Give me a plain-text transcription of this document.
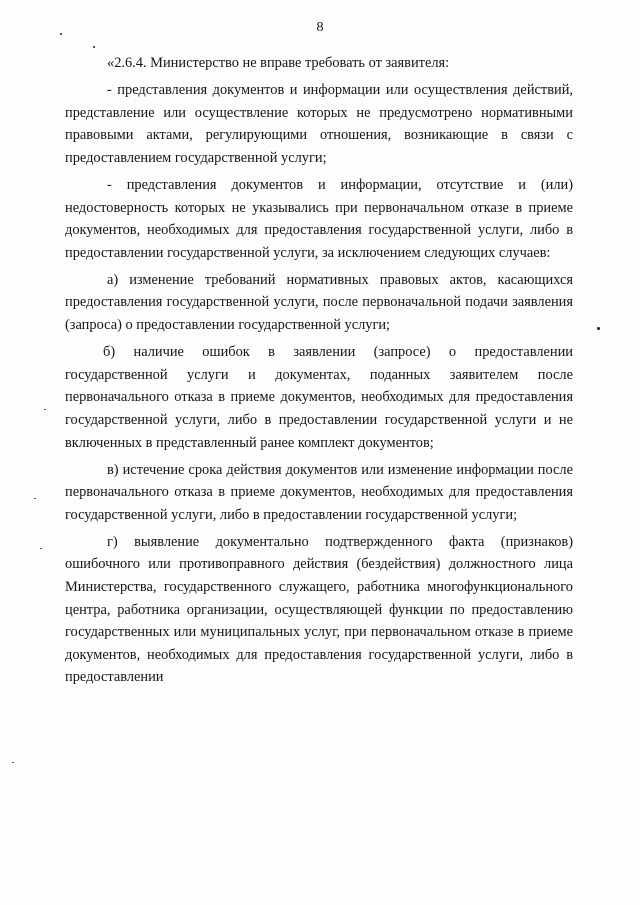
8

«2.6.4. Министерство не вправе требовать от заявителя:

- представления документов и информации или осуществления действий, представление или осуществление которых не предусмотрено нормативными правовыми актами, регулирующими отношения, возникающие в связи с предоставлением государственной услуги;

- представления документов и информации, отсутствие и (или) недостоверность которых не указывались при первоначальном отказе в приеме документов, необходимых для предоставления государственной услуги, либо в предоставлении государственной услуги, за исключением следующих случаев:

а) изменение требований нормативных правовых актов, касающихся предоставления государственной услуги, после первоначальной подачи заявления (запроса) о предоставлении государственной услуги;

б) наличие ошибок в заявлении (запросе) о предоставлении государственной услуги и документах, поданных заявителем после первоначального отказа в приеме документов, необходимых для предоставления государственной услуги, либо в предоставлении государственной услуги и не включенных в представленный ранее комплект документов;

в) истечение срока действия документов или изменение информации после первоначального отказа в приеме документов, необходимых для предоставления государственной услуги, либо в предоставлении государственной услуги;

г) выявление документально подтвержденного факта (признаков) ошибочного или противоправного действия (бездействия) должностного лица Министерства, государственного служащего, работника многофункционального центра, работника организации, осуществляющей функции по предоставлению государственных или муниципальных услуг, при первоначальном отказе в приеме документов, необходимых для предоставления государственной услуги, либо в предоставлении
